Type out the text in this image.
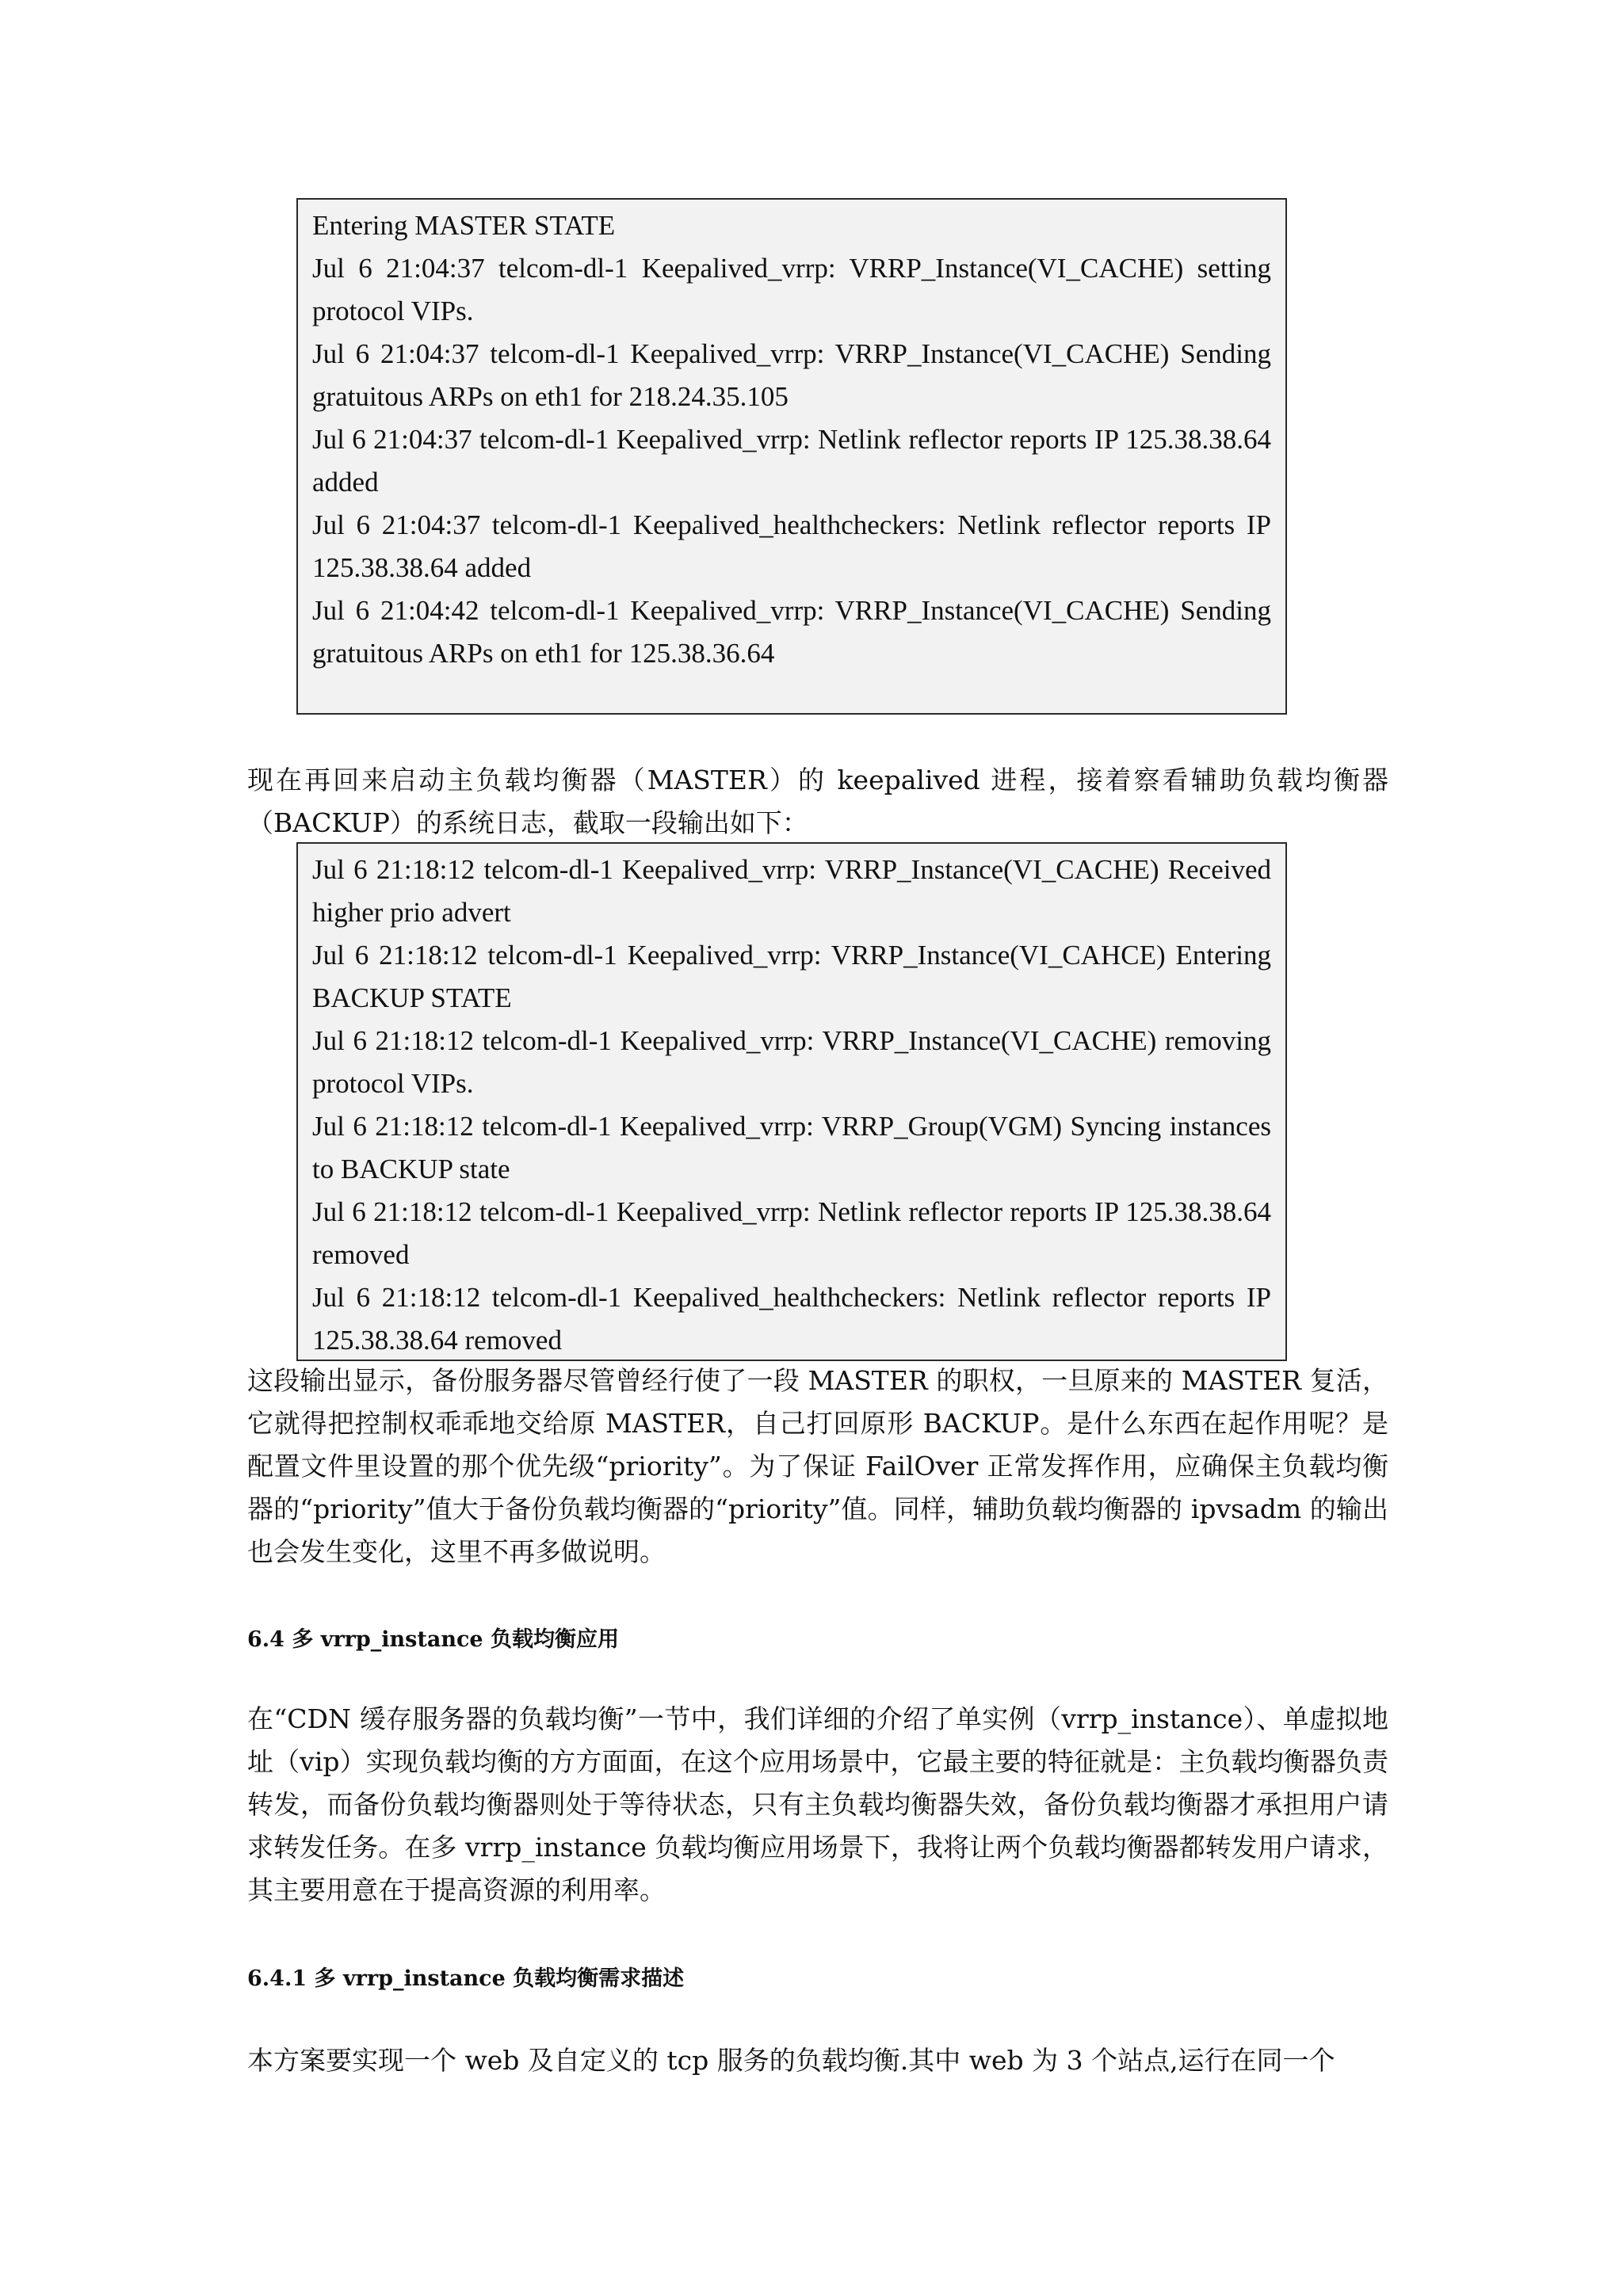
Entering MASTER STATE

Jul 6 21:04:37 telcom-dl-1 Keepalived_vrrp: VRRP_Instance(VI_CACHE) setting protocol VIPs.

Jul 6 21:04:37 telcom-dl-1 Keepalived_vrrp: VRRP_Instance(VI_CACHE) Sending gratuitous ARPs on eth1 for 218.24.35.105

Jul 6 21:04:37 telcom-dl-1 Keepalived_vrrp: Netlink reflector reports IP 125.38.38.64 added

Jul 6 21:04:37 telcom-dl-1 Keepalived_healthcheckers: Netlink reflector reports IP 125.38.38.64 added

Jul 6 21:04:42 telcom-dl-1 Keepalived_vrrp: VRRP_Instance(VI_CACHE) Sending gratuitous ARPs on eth1 for 125.38.36.64

现在再回来启动主负载均衡器（MASTER）的 keepalived 进程，接着察看辅助负载均衡器（BACKUP）的系统日志，截取一段输出如下：

Jul 6 21:18:12 telcom-dl-1 Keepalived_vrrp: VRRP_Instance(VI_CACHE) Received higher prio advert

Jul 6 21:18:12 telcom-dl-1 Keepalived_vrrp: VRRP_Instance(VI_CAHCE) Entering BACKUP STATE

Jul 6 21:18:12 telcom-dl-1 Keepalived_vrrp: VRRP_Instance(VI_CACHE) removing protocol VIPs.

Jul 6 21:18:12 telcom-dl-1 Keepalived_vrrp: VRRP_Group(VGM) Syncing instances to BACKUP state

Jul 6 21:18:12 telcom-dl-1 Keepalived_vrrp: Netlink reflector reports IP 125.38.38.64 removed

Jul 6 21:18:12 telcom-dl-1 Keepalived_healthcheckers: Netlink reflector reports IP 125.38.38.64 removed

这段输出显示，备份服务器尽管曾经行使了一段 MASTER 的职权，一旦原来的 MASTER 复活，它就得把控制权乖乖地交给原 MASTER，自己打回原形 BACKUP。是什么东西在起作用呢？是配置文件里设置的那个优先级“priority”。为了保证 FailOver 正常发挥作用，应确保主负载均衡器的“priority”值大于备份负载均衡器的“priority”值。同样，辅助负载均衡器的 ipvsadm 的输出也会发生变化，这里不再多做说明。

6.4 多 vrrp_instance 负载均衡应用

在“CDN 缓存服务器的负载均衡”一节中，我们详细的介绍了单实例（vrrp_instance）、单虚拟地址（vip）实现负载均衡的方方面面，在这个应用场景中，它最主要的特征就是：主负载均衡器负责转发，而备份负载均衡器则处于等待状态，只有主负载均衡器失效，备份负载均衡器才承担用户请求转发任务。在多 vrrp_instance 负载均衡应用场景下，我将让两个负载均衡器都转发用户请求，其主要用意在于提高资源的利用率。

6.4.1 多 vrrp_instance 负载均衡需求描述

本方案要实现一个 web 及自定义的 tcp 服务的负载均衡.其中 web 为 3 个站点,运行在同一个
